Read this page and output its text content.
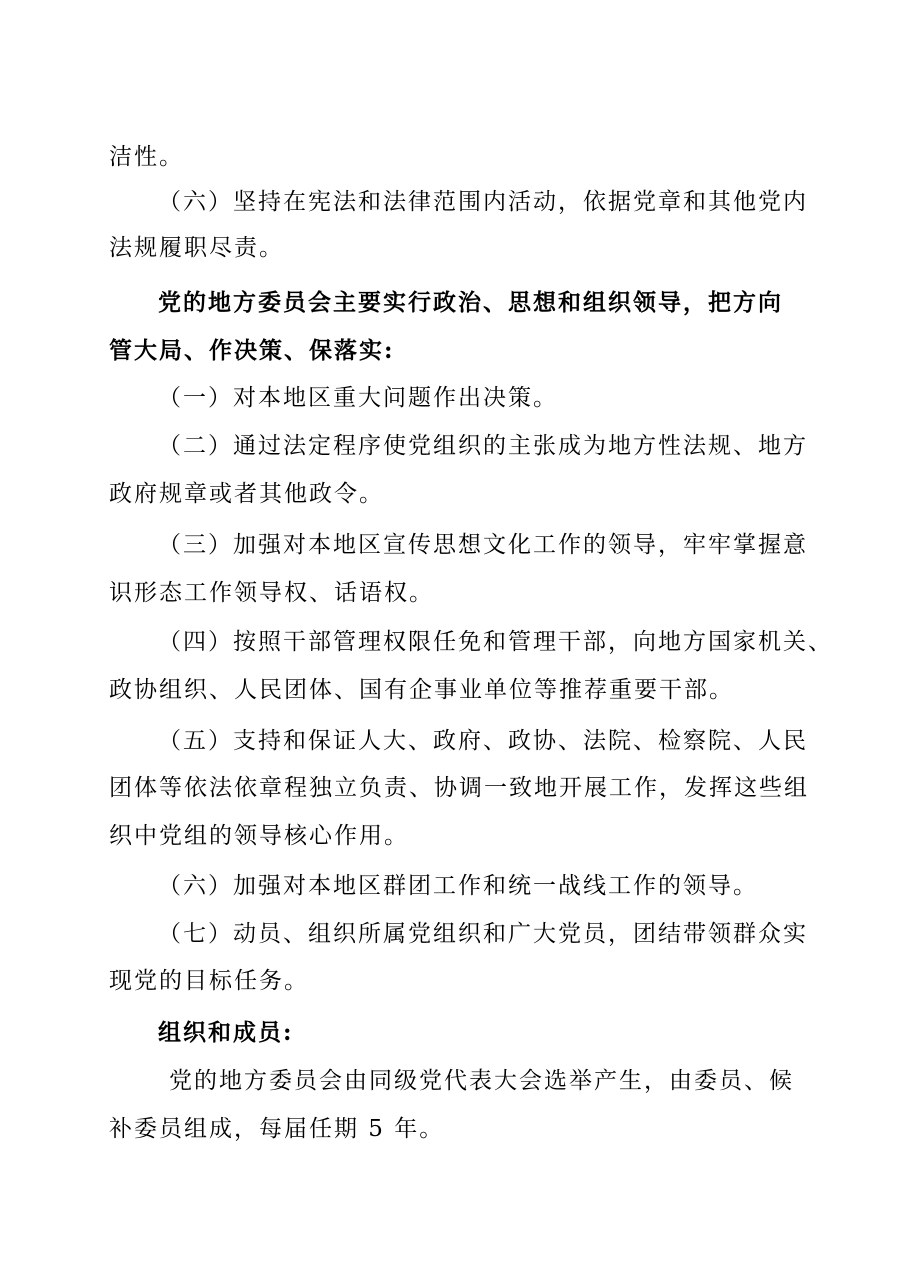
洁性。
（六）坚持在宪法和法律范围内活动，依据党章和其他党内
法规履职尽责。
党的地方委员会主要实行政治、思想和组织领导，把方向
管大局、作决策、保落实:
（一）对本地区重大问题作出决策。
（二）通过法定程序使党组织的主张成为地方性法规、地方
政府规章或者其他政令。
（三）加强对本地区宣传思想文化工作的领导，牢牢掌握意
识形态工作领导权、话语权。
（四）按照干部管理权限任免和管理干部，向地方国家机关、
政协组织、人民团体、国有企事业单位等推荐重要干部。
（五）支持和保证人大、政府、政协、法院、检察院、人民
团体等依法依章程独立负责、协调一致地开展工作，发挥这些组
织中党组的领导核心作用。
（六）加强对本地区群团工作和统一战线工作的领导。
（七）动员、组织所属党组织和广大党员，团结带领群众实
现党的目标任务。
组织和成员:
党的地方委员会由同级党代表大会选举产生，由委员、候
补委员组成，每届任期 5 年。
